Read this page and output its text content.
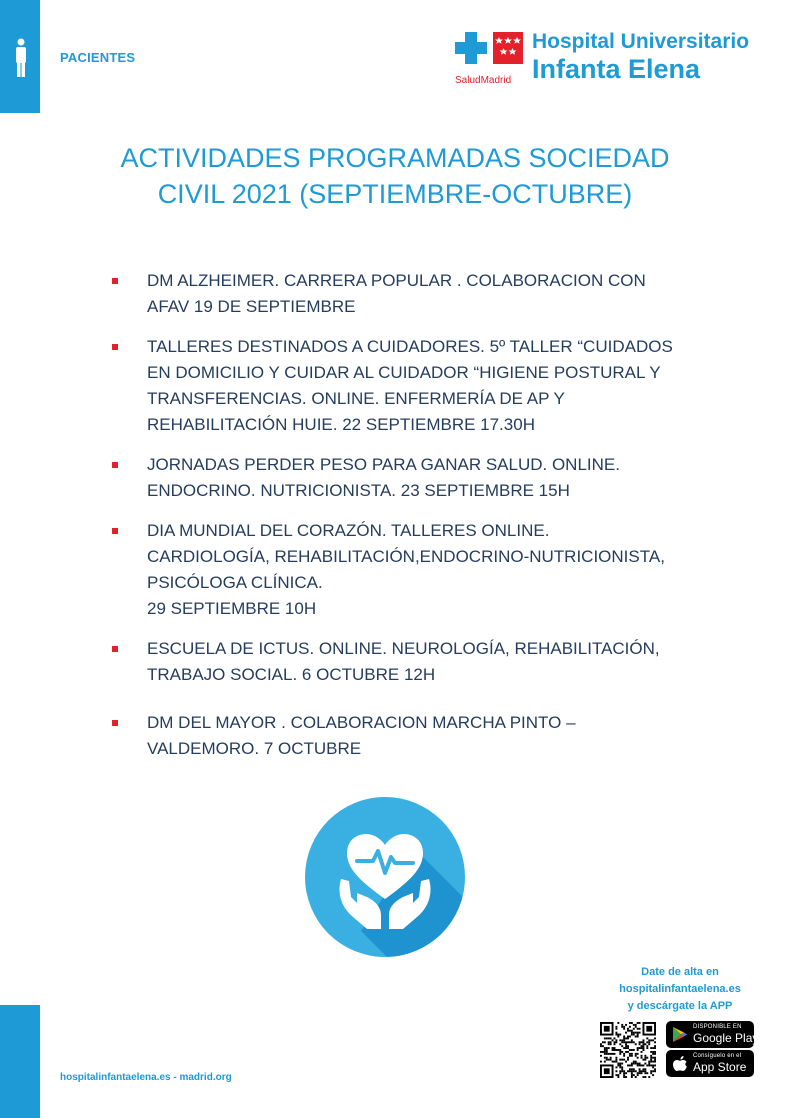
PACIENTES
SaludMadrid
Hospital Universitario
Infanta Elena
ACTIVIDADES PROGRAMADAS SOCIEDAD
CIVIL 2021 (SEPTIEMBRE-OCTUBRE)
DM ALZHEIMER. CARRERA POPULAR . COLABORACION CON
AFAV 19 DE SEPTIEMBRE
TALLERES DESTINADOS A CUIDADORES. 5º TALLER “CUIDADOS
EN DOMICILIO Y CUIDAR AL CUIDADOR “HIGIENE POSTURAL Y
TRANSFERENCIAS. ONLINE. ENFERMERÍA DE AP Y
REHABILITACIÓN HUIE. 22 SEPTIEMBRE 17.30H
JORNADAS PERDER PESO PARA GANAR SALUD. ONLINE.
ENDOCRINO. NUTRICIONISTA. 23 SEPTIEMBRE 15H
DIA MUNDIAL DEL CORAZÓN. TALLERES ONLINE.
CARDIOLOGÍA, REHABILITACIÓN,ENDOCRINO-NUTRICIONISTA,
PSICÓLOGA CLÍNICA.
29 SEPTIEMBRE 10H
ESCUELA DE ICTUS. ONLINE. NEUROLOGÍA, REHABILITACIÓN,
TRABAJO SOCIAL. 6 OCTUBRE 12H
DM DEL MAYOR . COLABORACION MARCHA PINTO –
VALDEMORO. 7 OCTUBRE
Date de alta en
hospitalinfantaelena.es
y descárgate la APP
DISPONIBLE EN
Google Play
Consíguelo en el
App Store
hospitalinfantaelena.es - madrid.org
